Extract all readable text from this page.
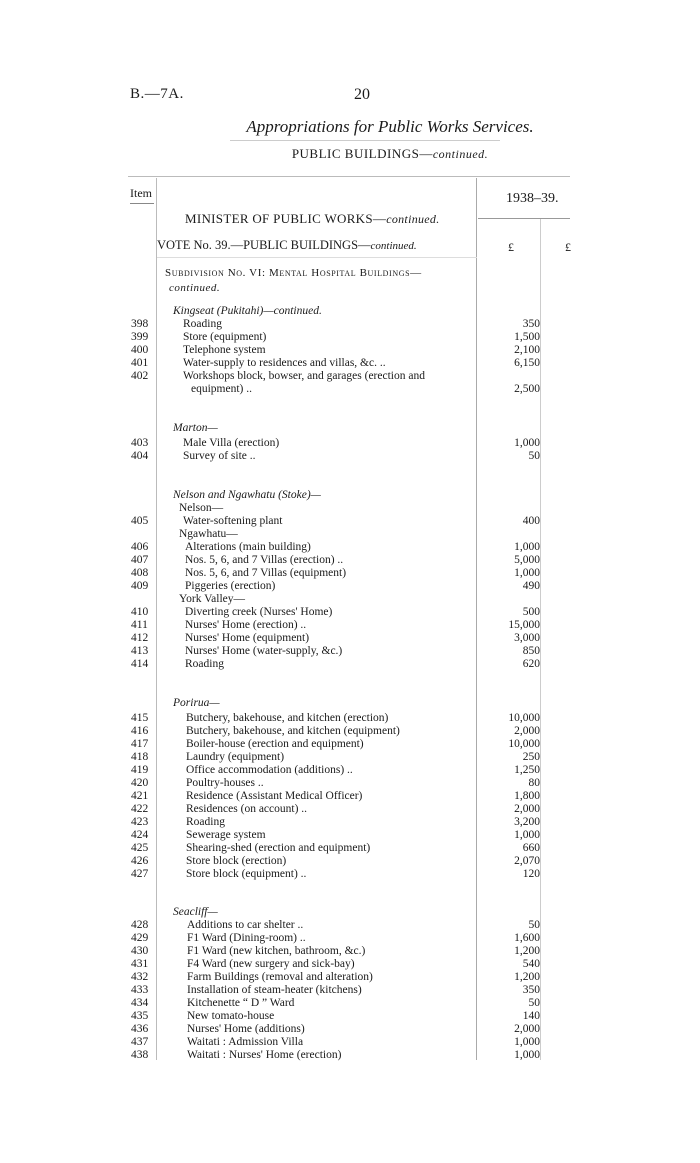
B.—7A.	20
Appropriations for Public Works Services.
PUBLIC BUILDINGS—continued.
Item	1938–39.
£	£
MINISTER OF PUBLIC WORKS—continued.
VOTE No. 39.—PUBLIC BUILDINGS—continued.
Subdivision No. VI: Mental Hospital Buildings—
continued.
Kingseat (Pukitahi)—continued.
Marton—
Nelson and Ngawhatu (Stoke)—
Nelson—
Ngawhatu—
York Valley—
Porirua—
Seacliff—
398	Roading	350
399	Store (equipment)	1,500
400	Telephone system	2,100
401	Water-supply to residences and villas, &c. ..	6,150
402	Workshops block, bowser, and garages (erection and
equipment) ..	2,500
403	Male Villa (erection)	1,000
404	Survey of site ..	50
405	Water-softening plant	400
406	Alterations (main building)	1,000
407	Nos. 5, 6, and 7 Villas (erection) ..	5,000
408	Nos. 5, 6, and 7 Villas (equipment)	1,000
409	Piggeries (erection)	490
410	Diverting creek (Nurses' Home)	500
411	Nurses' Home (erection) ..	15,000
412	Nurses' Home (equipment)	3,000
413	Nurses' Home (water-supply, &c.)	850
414	Roading	620
415	Butchery, bakehouse, and kitchen (erection)	10,000
416	Butchery, bakehouse, and kitchen (equipment)	2,000
417	Boiler-house (erection and equipment)	10,000
418	Laundry (equipment)	250
419	Office accommodation (additions) ..	1,250
420	Poultry-houses ..	80
421	Residence (Assistant Medical Officer)	1,800
422	Residences (on account) ..	2,000
423	Roading	3,200
424	Sewerage system	1,000
425	Shearing-shed (erection and equipment)	660
426	Store block (erection)	2,070
427	Store block (equipment) ..	120
428	Additions to car shelter ..	50
429	F1 Ward (Dining-room) ..	1,600
430	F1 Ward (new kitchen, bathroom, &c.)	1,200
431	F4 Ward (new surgery and sick-bay)	540
432	Farm Buildings (removal and alteration)	1,200
433	Installation of steam-heater (kitchens)	350
434	Kitchenette “ D ” Ward	50
435	New tomato-house	140
436	Nurses' Home (additions)	2,000
437	Waitati : Admission Villa	1,000
438	Waitati : Nurses' Home (erection)	1,000
